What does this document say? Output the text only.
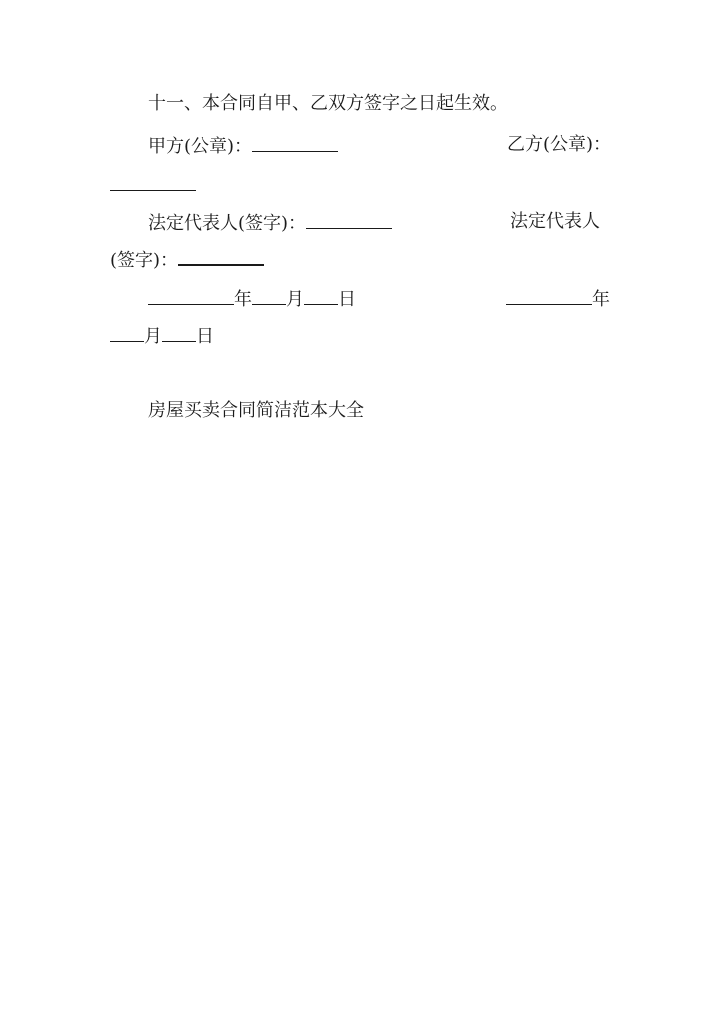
十一、本合同自甲、乙双方签字之日起生效。
甲方(公章)：	乙方(公章)：
法定代表人(签字)：	法定代表人
(签字)：
年 月 日	年
月 日
房屋买卖合同简洁范本大全
